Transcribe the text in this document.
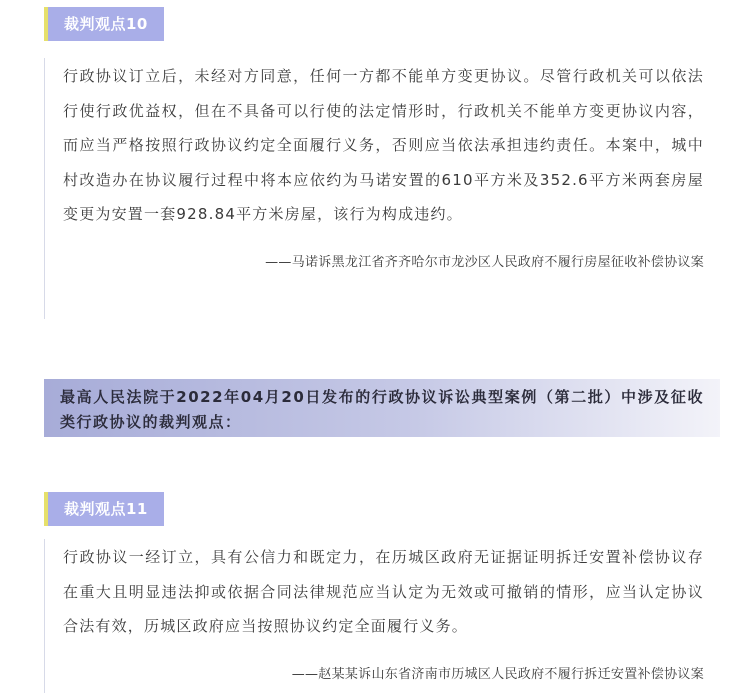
裁判观点10
行政协议订立后，未经对方同意，任何一方都不能单方变更协议。尽管行政机关可以依法行使行政优益权，但在不具备可以行使的法定情形时，行政机关不能单方变更协议内容，而应当严格按照行政协议约定全面履行义务，否则应当依法承担违约责任。本案中，城中村改造办在协议履行过程中将本应依约为马诺安置的610平方米及352.6平方米两套房屋变更为安置一套928.84平方米房屋，该行为构成违约。
——马诺诉黑龙江省齐齐哈尔市龙沙区人民政府不履行房屋征收补偿协议案
最高人民法院于2022年04月20日发布的行政协议诉讼典型案例（第二批）中涉及征收类行政协议的裁判观点：
裁判观点11
行政协议一经订立，具有公信力和既定力，在历城区政府无证据证明拆迁安置补偿协议存在重大且明显违法抑或依据合同法律规范应当认定为无效或可撤销的情形，应当认定协议合法有效，历城区政府应当按照协议约定全面履行义务。
——赵某某诉山东省济南市历城区人民政府不履行拆迁安置补偿协议案
